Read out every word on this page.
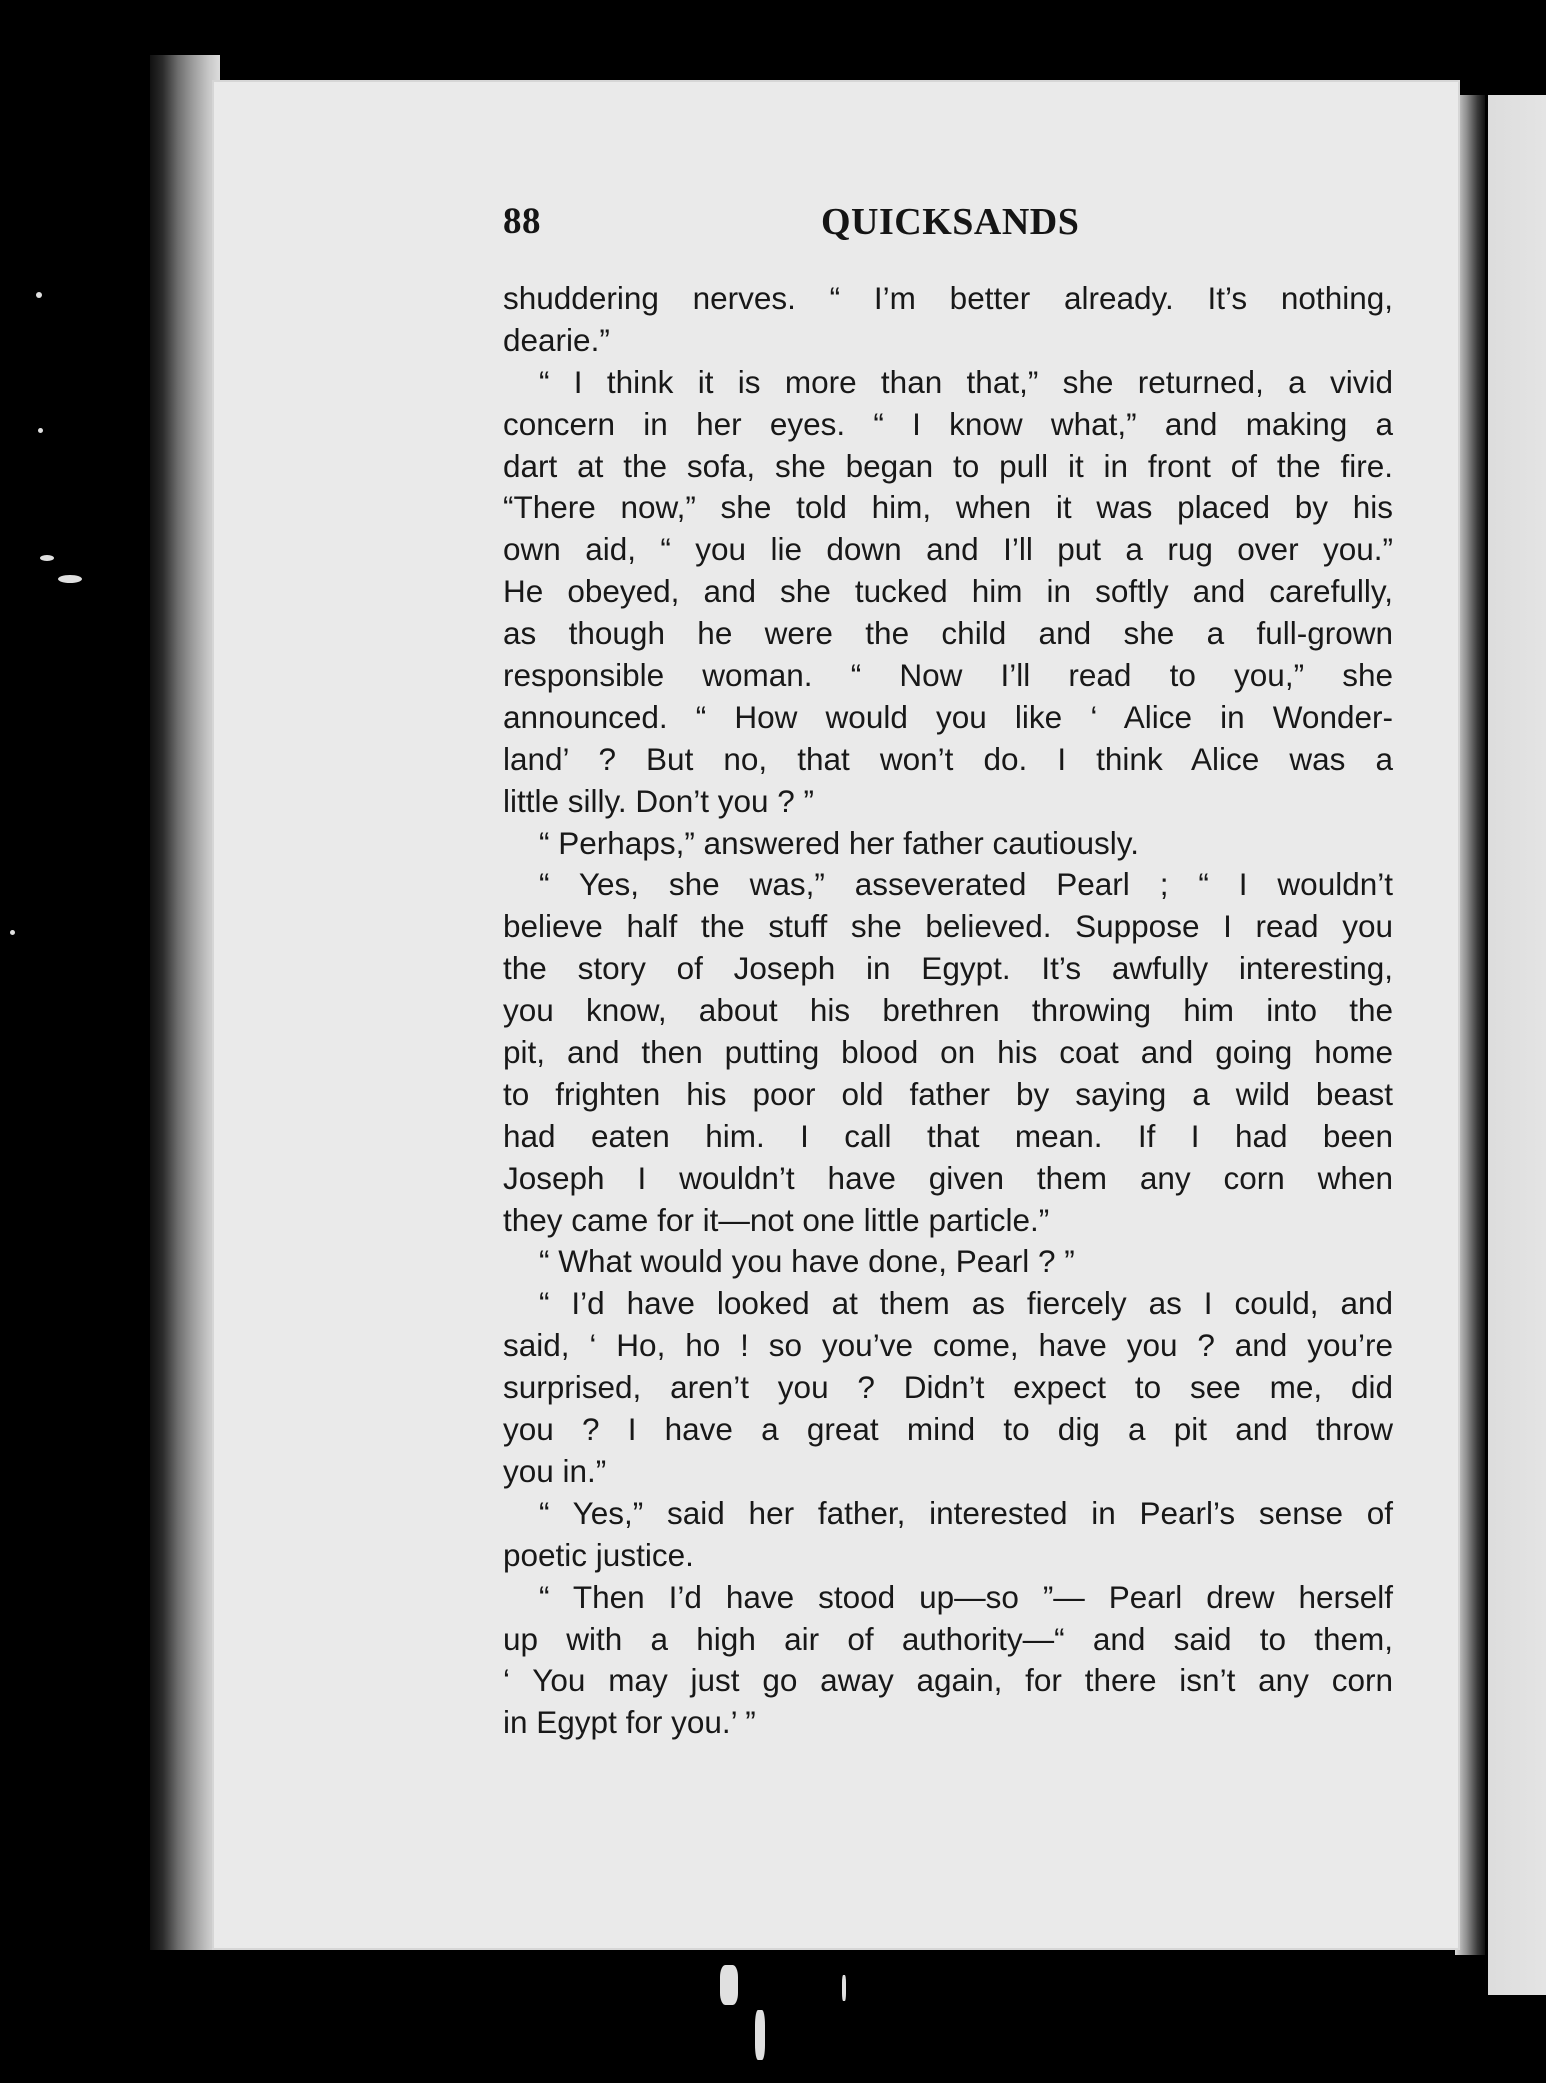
88	QUICKSANDS
shuddering nerves. “ I’m better already. It’s nothing,
dearie.”
“ I think it is more than that,” she returned, a vivid
concern in her eyes. “ I know what,” and making a
dart at the sofa, she began to pull it in front of the fire.
“There now,” she told him, when it was placed by his
own aid, “ you lie down and I’ll put a rug over you.”
He obeyed, and she tucked him in softly and carefully,
as though he were the child and she a full-grown
responsible woman. “ Now I’ll read to you,” she
announced. “ How would you like ‘ Alice in Wonder-
land’ ? But no, that won’t do. I think Alice was a
little silly. Don’t you ? ”
“ Perhaps,” answered her father cautiously.
“ Yes, she was,” asseverated Pearl ; “ I wouldn’t
believe half the stuff she believed. Suppose I read you
the story of Joseph in Egypt. It’s awfully interesting,
you know, about his brethren throwing him into the
pit, and then putting blood on his coat and going home
to frighten his poor old father by saying a wild beast
had eaten him. I call that mean. If I had been
Joseph I wouldn’t have given them any corn when
they came for it—not one little particle.”
“ What would you have done, Pearl ? ”
“ I’d have looked at them as fiercely as I could, and
said, ‘ Ho, ho ! so you’ve come, have you ? and you’re
surprised, aren’t you ? Didn’t expect to see me, did
you ? I have a great mind to dig a pit and throw
you in.”
“ Yes,” said her father, interested in Pearl’s sense of
poetic justice.
“ Then I’d have stood up—so ”— Pearl drew herself
up with a high air of authority—“ and said to them,
‘ You may just go away again, for there isn’t any corn
in Egypt for you.’ ”
